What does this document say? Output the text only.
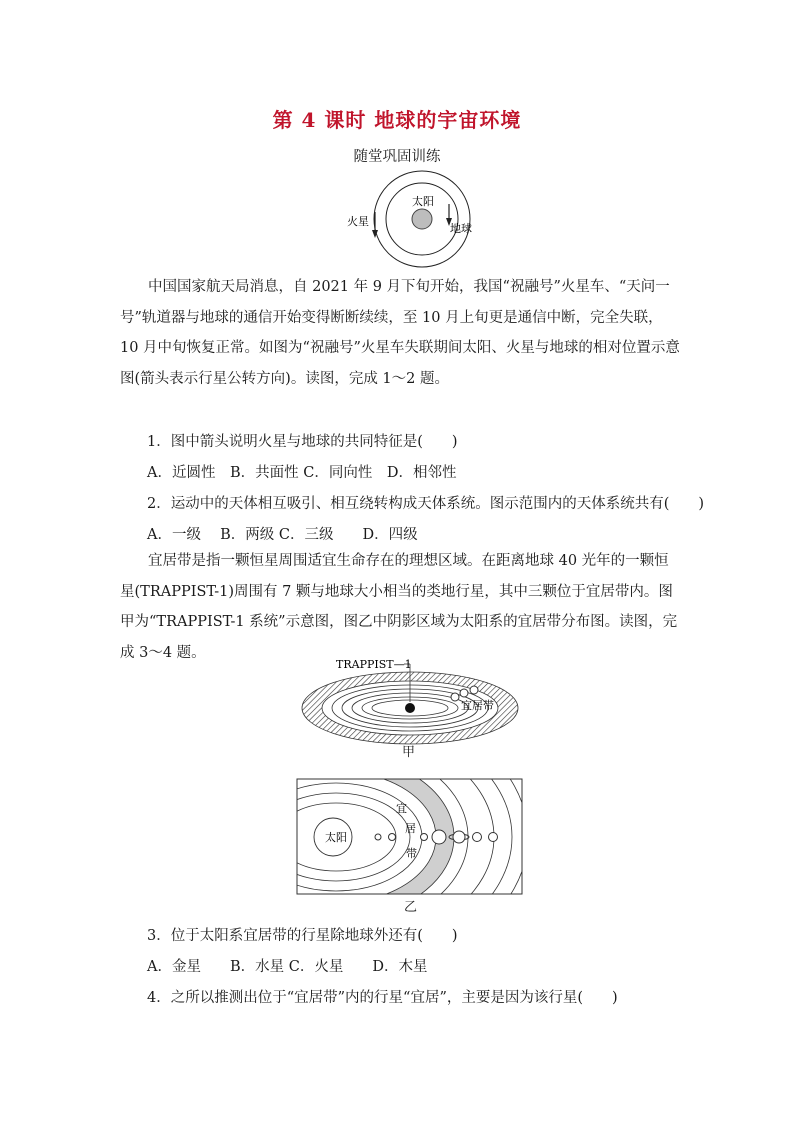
第 4 课时 地球的宇宙环境
随堂巩固训练
太阳
火星
地球
中国国家航天局消息，自 2021 年 9 月下旬开始，我国“祝融号”火星车、“天问一号”轨道器与地球的通信开始变得断断续续，至 10 月上旬更是通信中断，完全失联，10 月中旬恢复正常。如图为“祝融号”火星车失联期间太阳、火星与地球的相对位置示意图(箭头表示行星公转方向)。读图，完成 1～2 题。
1．图中箭头说明火星与地球的共同特征是(　　)
A．近圆性　B．共面性 C．同向性　D．相邻性
2．运动中的天体相互吸引、相互绕转构成天体系统。图示范围内的天体系统共有(　　)
A．一级　 B．两级 C．三级　　D．四级
宜居带是指一颗恒星周围适宜生命存在的理想区域。在距离地球 40 光年的一颗恒星(TRAPPIST-1)周围有 7 颗与地球大小相当的类地行星，其中三颗位于宜居带内。图甲为“TRAPPIST-1 系统”示意图，图乙中阴影区域为太阳系的宜居带分布图。读图，完成 3～4 题。
TRAPPIST—1
宜居带
甲
太阳
宜
居
带
乙
3．位于太阳系宜居带的行星除地球外还有(　　)
A．金星　　B．水星 C．火星　　D．木星
4．之所以推测出位于“宜居带”内的行星“宜居”，主要是因为该行星(　　)
